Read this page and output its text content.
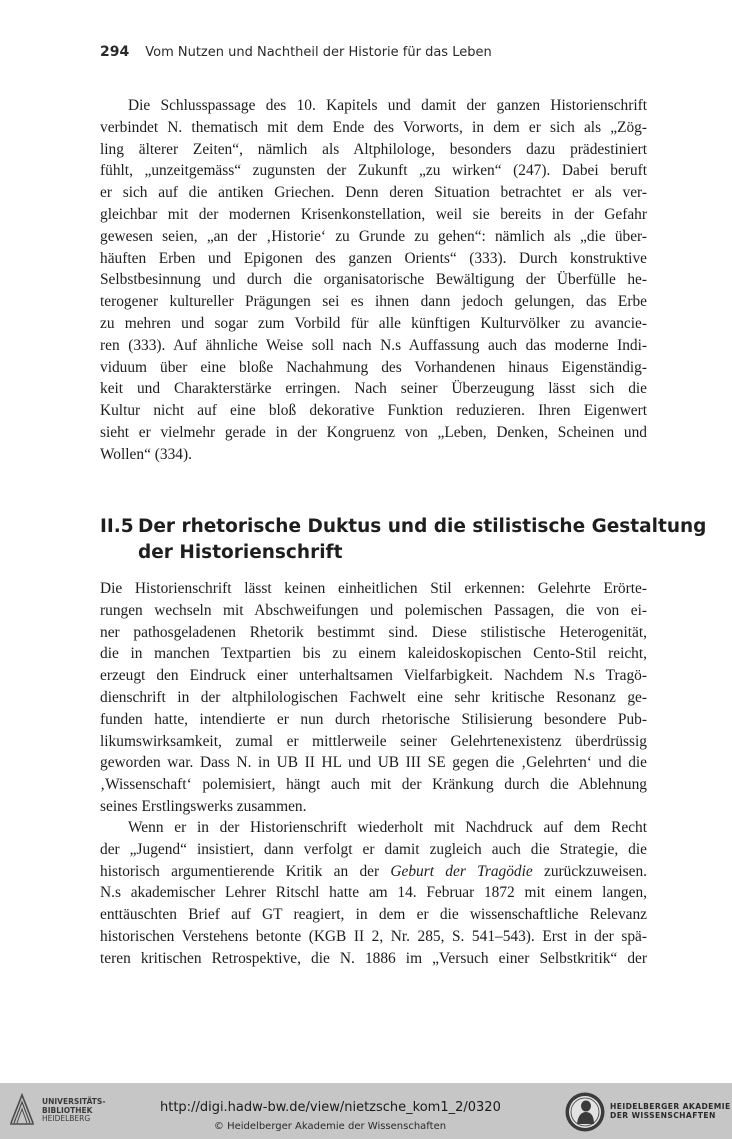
294 Vom Nutzen und Nachtheil der Historie für das Leben
Die Schlusspassage des 10. Kapitels und damit der ganzen Historienschrift
verbindet N. thematisch mit dem Ende des Vorworts, in dem er sich als „Zög-
ling älterer Zeiten“, nämlich als Altphilologe, besonders dazu prädestiniert
fühlt, „unzeitgemäss“ zugunsten der Zukunft „zu wirken“ (247). Dabei beruft
er sich auf die antiken Griechen. Denn deren Situation betrachtet er als ver-
gleichbar mit der modernen Krisenkonstellation, weil sie bereits in der Gefahr
gewesen seien, „an der ‚Historie‘ zu Grunde zu gehen“: nämlich als „die über-
häuften Erben und Epigonen des ganzen Orients“ (333). Durch konstruktive
Selbstbesinnung und durch die organisatorische Bewältigung der Überfülle he-
terogener kultureller Prägungen sei es ihnen dann jedoch gelungen, das Erbe
zu mehren und sogar zum Vorbild für alle künftigen Kulturvölker zu avancie-
ren (333). Auf ähnliche Weise soll nach N.s Auffassung auch das moderne Indi-
viduum über eine bloße Nachahmung des Vorhandenen hinaus Eigenständig-
keit und Charakterstärke erringen. Nach seiner Überzeugung lässt sich die
Kultur nicht auf eine bloß dekorative Funktion reduzieren. Ihren Eigenwert
sieht er vielmehr gerade in der Kongruenz von „Leben, Denken, Scheinen und
Wollen“ (334).
II.5 Der rhetorische Duktus und die stilistische Gestaltung
der Historienschrift
Die Historienschrift lässt keinen einheitlichen Stil erkennen: Gelehrte Erörte-
rungen wechseln mit Abschweifungen und polemischen Passagen, die von ei-
ner pathosgeladenen Rhetorik bestimmt sind. Diese stilistische Heterogenität,
die in manchen Textpartien bis zu einem kaleidoskopischen Cento-Stil reicht,
erzeugt den Eindruck einer unterhaltsamen Vielfarbigkeit. Nachdem N.s Tragö-
dienschrift in der altphilologischen Fachwelt eine sehr kritische Resonanz ge-
funden hatte, intendierte er nun durch rhetorische Stilisierung besondere Pub-
likumswirksamkeit, zumal er mittlerweile seiner Gelehrtenexistenz überdrüssig
geworden war. Dass N. in UB II HL und UB III SE gegen die ‚Gelehrten‘ und die
‚Wissenschaft‘ polemisiert, hängt auch mit der Kränkung durch die Ablehnung
seines Erstlingswerks zusammen.
Wenn er in der Historienschrift wiederholt mit Nachdruck auf dem Recht
der „Jugend“ insistiert, dann verfolgt er damit zugleich auch die Strategie, die
historisch argumentierende Kritik an der Geburt der Tragödie zurückzuweisen.
N.s akademischer Lehrer Ritschl hatte am 14. Februar 1872 mit einem langen,
enttäuschten Brief auf GT reagiert, in dem er die wissenschaftliche Relevanz
historischen Verstehens betonte (KGB II 2, Nr. 285, S. 541–543). Erst in der spä-
teren kritischen Retrospektive, die N. 1886 im „Versuch einer Selbstkritik“ der
UNIVERSITÄTS-
BIBLIOTHEK
HEIDELBERG
http://digi.hadw-bw.de/view/nietzsche_kom1_2/0320
© Heidelberger Akademie der Wissenschaften
HEIDELBERGER AKADEMIE
DER WISSENSCHAFTEN
